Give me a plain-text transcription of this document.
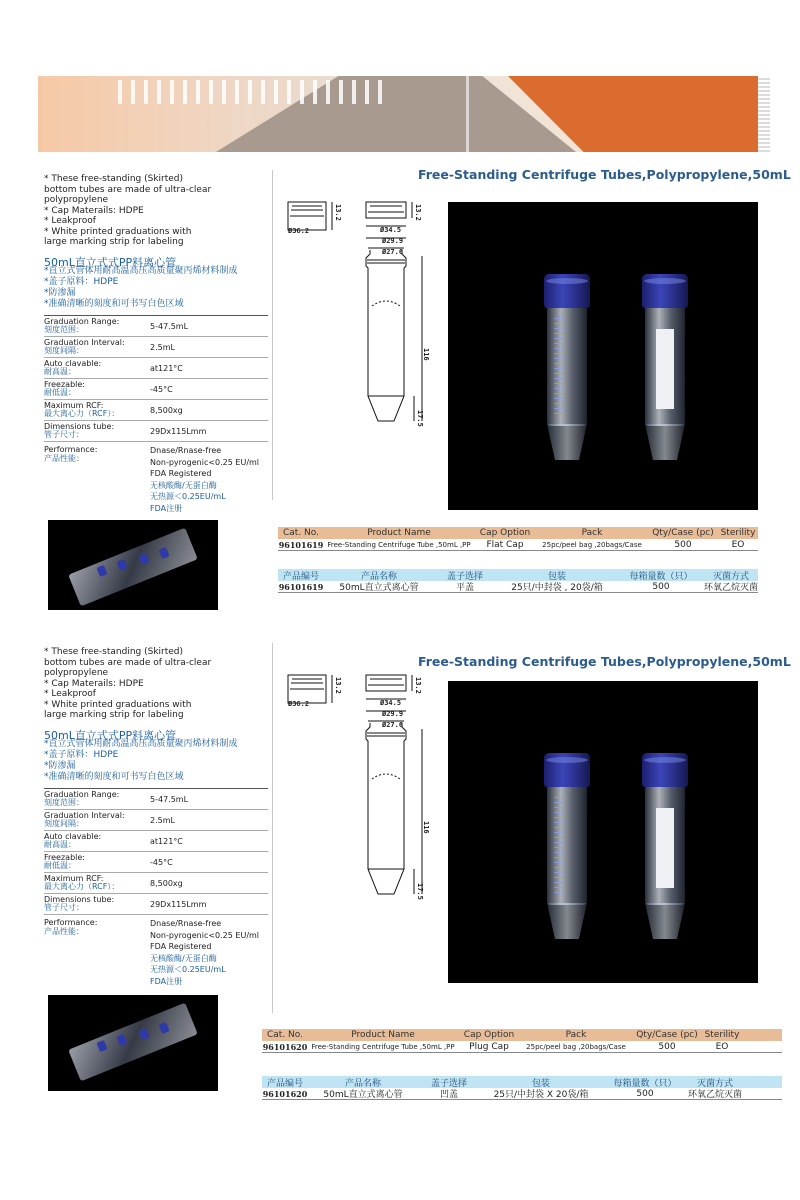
* These free-standing (Skirted)
bottom tubes are made of ultra-clear
polypropylene
* Cap Materails: HDPE
* Leakproof
* White printed graduations with
large marking strip for labeling
50mL直立式式PP料离心管
*直立式管体用耐高温高压高质量聚丙烯材料制成
*盖子原料：HDPE
*防渗漏
*准确清晰的刻度和可书写白色区域
Graduation Range:
刻度范围：	5-47.5mL
Graduation Interval:
刻度间隔：	2.5mL
Auto clavable:
耐高温：	at121°C
Freezable:
耐低温：	-45°C
Maximum RCF:
最大离心力（RCF）：	8,500xg
Dimensions tube:
管子尺寸：	29Dx115Lmm
Performance:
产品性能：
Dnase/Rnase-free
Non-pyrogenic<0.25 EU/ml
FDA Registered
无核酸酶/无蛋白酶
无热源＜0.25EU/mL
FDA注册
Free-Standing Centrifuge Tubes,Polypropylene,50mL
Ø36.2
13.2
Ø34.5
13.2
Ø29.9
Ø27.6
116
17.5
Cat. No.	Product Name	Cap Option	Pack	Qty/Case (pc) Sterility
96101619 Free-Standing Centrifuge Tube ,50mL ,PP	Flat Cap	25pc/peel bag ,20bags/Case	500	EO
产品编号	产品名称	盖子选择	包装	每箱量数（只）	灭菌方式
96101619	50mL直立式离心管	平盖	25只/中封袋 , 20袋/箱	500	环氧乙烷灭菌
* These free-standing (Skirted)
bottom tubes are made of ultra-clear
polypropylene
* Cap Materails: HDPE
* Leakproof
* White printed graduations with
large marking strip for labeling
50mL直立式式PP料离心管
*直立式管体用耐高温高压高质量聚丙烯材料制成
*盖子原料：HDPE
*防渗漏
*准确清晰的刻度和可书写白色区域
Graduation Range:
刻度范围：	5-47.5mL
Graduation Interval:
刻度间隔：	2.5mL
Auto clavable:
耐高温：	at121°C
Freezable:
耐低温：	-45°C
Maximum RCF:
最大离心力（RCF）：	8,500xg
Dimensions tube:
管子尺寸：	29Dx115Lmm
Performance:
产品性能：
Dnase/Rnase-free
Non-pyrogenic<0.25 EU/ml
FDA Registered
无核酸酶/无蛋白酶
无热源＜0.25EU/mL
FDA注册
Free-Standing Centrifuge Tubes,Polypropylene,50mL
Ø36.2
13.2
Ø34.5
13.2
Ø29.9
Ø27.6
116
17.5
Cat. No.	Product Name	Cap Option	Pack	Qty/Case (pc) Sterility
96101620 Free-Standing Centrifuge Tube ,50mL ,PP	Plug Cap	25pc/peel bag ,20bags/Case	500	EO
产品编号	产品名称	盖子选择	包装	每箱量数（只）	灭菌方式
96101620	50mL直立式离心管	凹盖	25只/中封袋 X 20袋/箱	500	环氧乙烷灭菌
